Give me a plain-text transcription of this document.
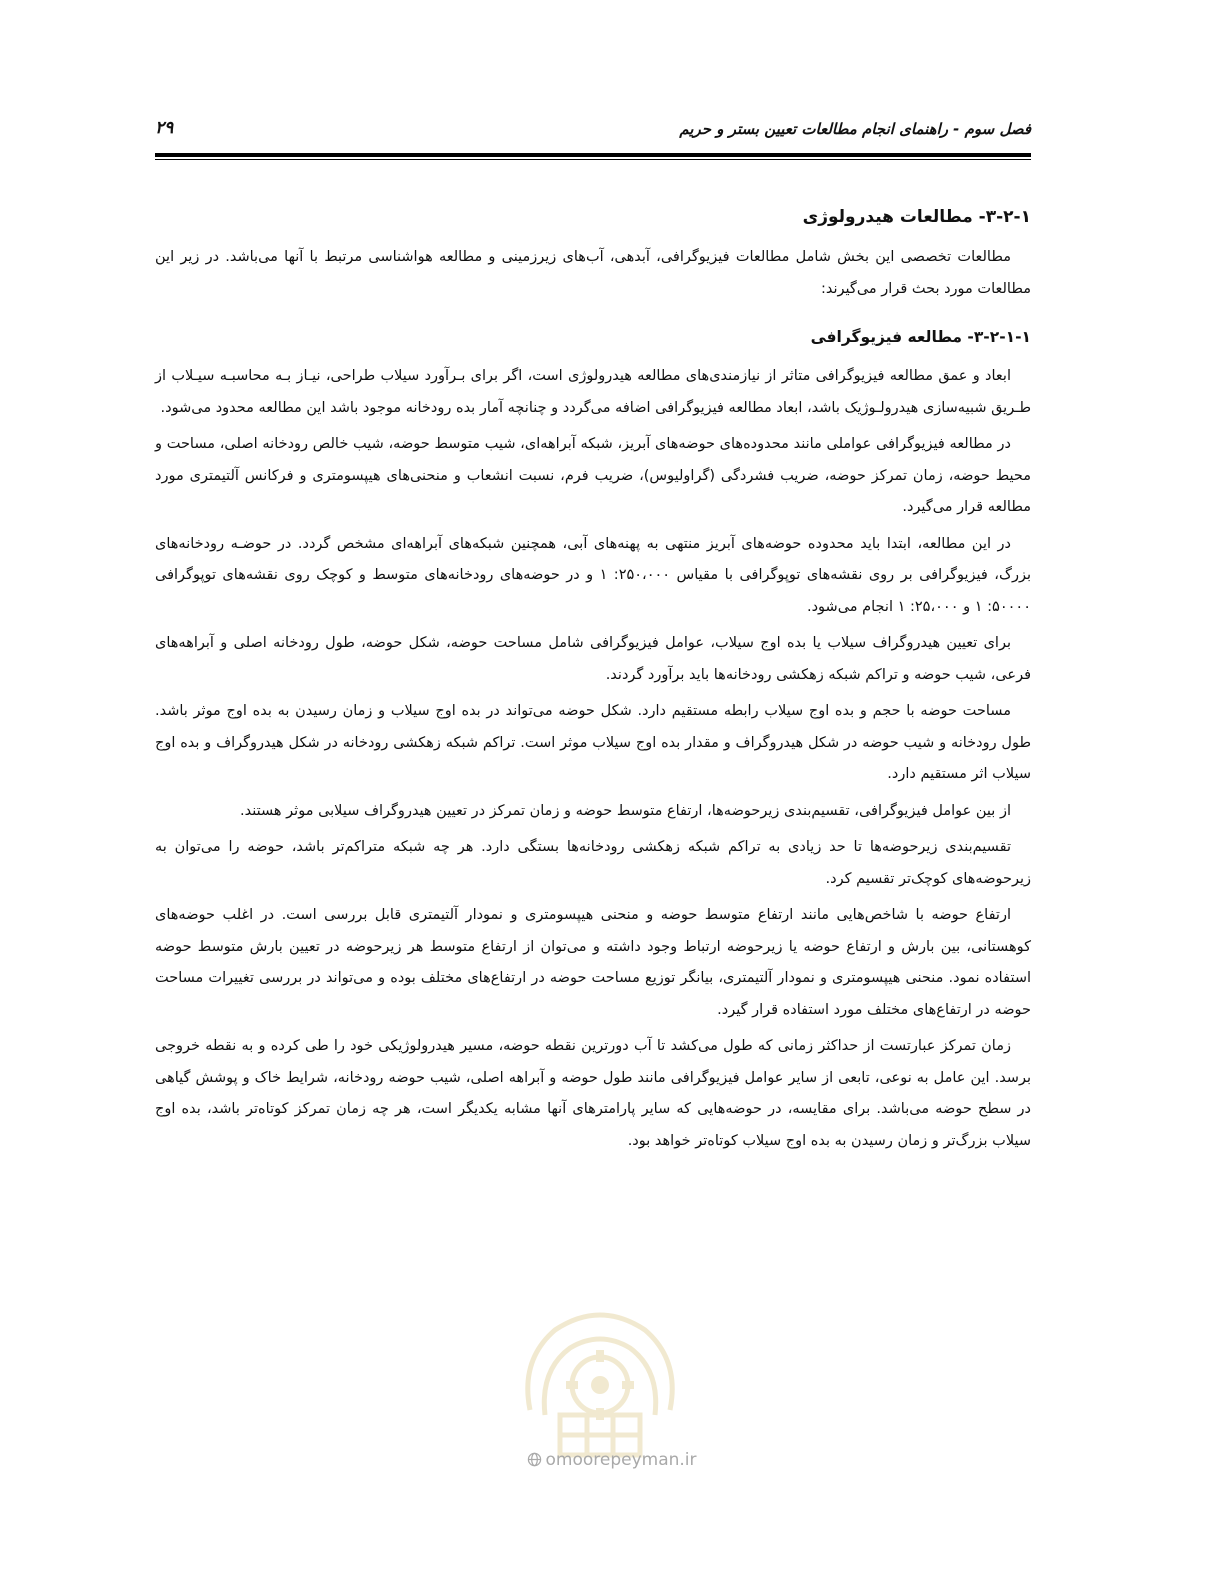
فصل سوم - راهنمای انجام مطالعات تعیین بستر و حریم
۲۹
۳-۲-۱- مطالعات هیدرولوژی

مطالعات تخصصی این بخش شامل مطالعات فیزیوگرافی، آبدهی، آب‌های زیرزمینی و مطالعه هواشناسی مرتبط با آنها می‌باشد. در زیر این مطالعات مورد بحث قرار می‌گیرند:

۳-۲-۱-۱- مطالعه فیزیوگرافی

ابعاد و عمق مطالعه فیزیوگرافی متاثر از نیازمندی‌های مطالعه هیدرولوژی است، اگر برای بـرآورد سیلاب طراحی، نیـاز بـه محاسبـه سیـلاب از طـریق شبیه‌سازی هیدرولـوژیک باشد، ابعاد مطالعه فیزیوگرافی اضافه می‌گردد و چنانچه آمار بده رودخانه موجود باشد این مطالعه محدود می‌شود.

در مطالعه فیزیوگرافی عواملی مانند محدوده‌های حوضه‌های آبریز، شبکه آبراهه‌ای، شیب متوسط حوضه، شیب خالص رودخانه اصلی، مساحت و محیط حوضه، زمان تمرکز حوضه، ضریب فشردگی (گراولیوس)، ضریب فرم، نسبت انشعاب و منحنی‌های هیپسومتری و فرکانس آلتیمتری مورد مطالعه قرار می‌گیرد.

در این مطالعه، ابتدا باید محدوده حوضه‌های آبریز منتهی به پهنه‌های آبی، همچنین شبکه‌های آبراهه‌ای مشخص گردد. در حوضـه رودخانه‌های بزرگ، فیزیوگرافی بر روی نقشه‌های توپوگرافی با مقیاس ۲۵۰،۰۰۰: ۱ و در حوضه‌های رودخانه‌های متوسط و کوچک روی نقشه‌های توپوگرافی ۵۰۰۰۰: ۱ و ۲۵،۰۰۰: ۱ انجام می‌شود.

برای تعیین هیدروگراف سیلاب یا بده اوج سیلاب، عوامل فیزیوگرافی شامل مساحت حوضه، شکل حوضه، طول رودخانه اصلی و آبراهه‌های فرعی، شیب حوضه و تراکم شبکه زهکشی رودخانه‌ها باید برآورد گردند.

مساحت حوضه با حجم و بده اوج سیلاب رابطه مستقیم دارد. شکل حوضه می‌تواند در بده اوج سیلاب و زمان رسیدن به بده اوج موثر باشد. طول رودخانه و شیب حوضه در شکل هیدروگراف و مقدار بده اوج سیلاب موثر است. تراکم شبکه زهکشی رودخانه در شکل هیدروگراف و بده اوج سیلاب اثر مستقیم دارد.

از بین عوامل فیزیوگرافی، تقسیم‌بندی زیرحوضه‌ها، ارتفاع متوسط حوضه و زمان تمرکز در تعیین هیدروگراف سیلابی موثر هستند.

تقسیم‌بندی زیرحوضه‌ها تا حد زیادی به تراکم شبکه زهکشی رودخانه‌ها بستگی دارد. هر چه شبکه متراکم‌تر باشد، حوضه را می‌توان به زیرحوضه‌های کوچک‌تر تقسیم کرد.

ارتفاع حوضه با شاخص‌هایی مانند ارتفاع متوسط حوضه و منحنی هیپسومتری و نمودار آلتیمتری قابل بررسی است. در اغلب حوضه‌های کوهستانی، بین بارش و ارتفاع حوضه یا زیرحوضه ارتباط وجود داشته و می‌توان از ارتفاع متوسط هر زیرحوضه در تعیین بارش متوسط حوضه استفاده نمود. منحنی هیپسومتری و نمودار آلتیمتری، بیانگر توزیع مساحت حوضه در ارتفاع‌های مختلف بوده و می‌تواند در بررسی تغییرات مساحت حوضه در ارتفاع‌های مختلف مورد استفاده قرار گیرد.

زمان تمرکز عبارتست از حداکثر زمانی که طول می‌کشد تا آب دورترین نقطه حوضه، مسیر هیدرولوژیکی خود را طی کرده و به نقطه خروجی برسد. این عامل به نوعی، تابعی از سایر عوامل فیزیوگرافی مانند طول حوضه و آبراهه اصلی، شیب حوضه رودخانه، شرایط خاک و پوشش گیاهی در سطح حوضه می‌باشد. برای مقایسه، در حوضه‌هایی که سایر پارامترهای آنها مشابه یکدیگر است، هر چه زمان تمرکز کوتاه‌تر باشد، بده اوج سیلاب بزرگ‌تر و زمان رسیدن به بده اوج سیلاب کوتاه‌تر خواهد بود.

omoorepeyman.ir
